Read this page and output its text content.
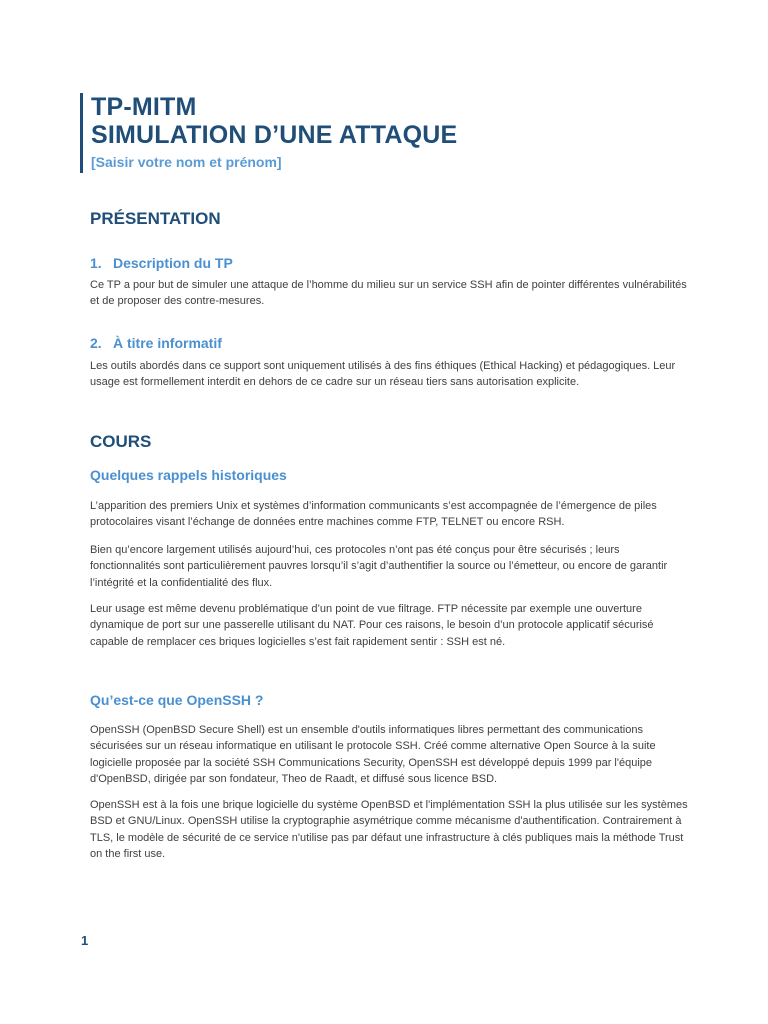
TP-MITM
SIMULATION D’UNE ATTAQUE
[Saisir votre nom et prénom]
PRÉSENTATION
1. Description du TP
Ce TP a pour but de simuler une attaque de l’homme du milieu sur un service SSH afin de pointer différentes vulnérabilités et de proposer des contre-mesures.
2. À titre informatif
Les outils abordés dans ce support sont uniquement utilisés à des fins éthiques (Ethical Hacking) et pédagogiques. Leur usage est formellement interdit en dehors de ce cadre sur un réseau tiers sans autorisation explicite.
COURS
Quelques rappels historiques
L’apparition des premiers Unix et systèmes d’information communicants s’est accompagnée de l’émergence de piles protocolaires visant l’échange de données entre machines comme FTP, TELNET ou encore RSH.
Bien qu’encore largement utilisés aujourd’hui, ces protocoles n’ont pas été conçus pour être sécurisés ; leurs fonctionnalités sont particulièrement pauvres lorsqu’il s’agit d’authentifier la source ou l’émetteur, ou encore de garantir l’intégrité et la confidentialité des flux.
Leur usage est même devenu problématique d’un point de vue filtrage. FTP nécessite par exemple une ouverture dynamique de port sur une passerelle utilisant du NAT. Pour ces raisons, le besoin d’un protocole applicatif sécurisé capable de remplacer ces briques logicielles s’est fait rapidement sentir : SSH est né.
Qu’est-ce que OpenSSH ?
OpenSSH (OpenBSD Secure Shell) est un ensemble d'outils informatiques libres permettant des communications sécurisées sur un réseau informatique en utilisant le protocole SSH. Créé comme alternative Open Source à la suite logicielle proposée par la société SSH Communications Security, OpenSSH est développé depuis 1999 par l'équipe d'OpenBSD, dirigée par son fondateur, Theo de Raadt, et diffusé sous licence BSD.
OpenSSH est à la fois une brique logicielle du système OpenBSD et l'implémentation SSH la plus utilisée sur les systèmes BSD et GNU/Linux. OpenSSH utilise la cryptographie asymétrique comme mécanisme d'authentification. Contrairement à TLS, le modèle de sécurité de ce service n'utilise pas par défaut une infrastructure à clés publiques mais la méthode Trust on the first use.
1
